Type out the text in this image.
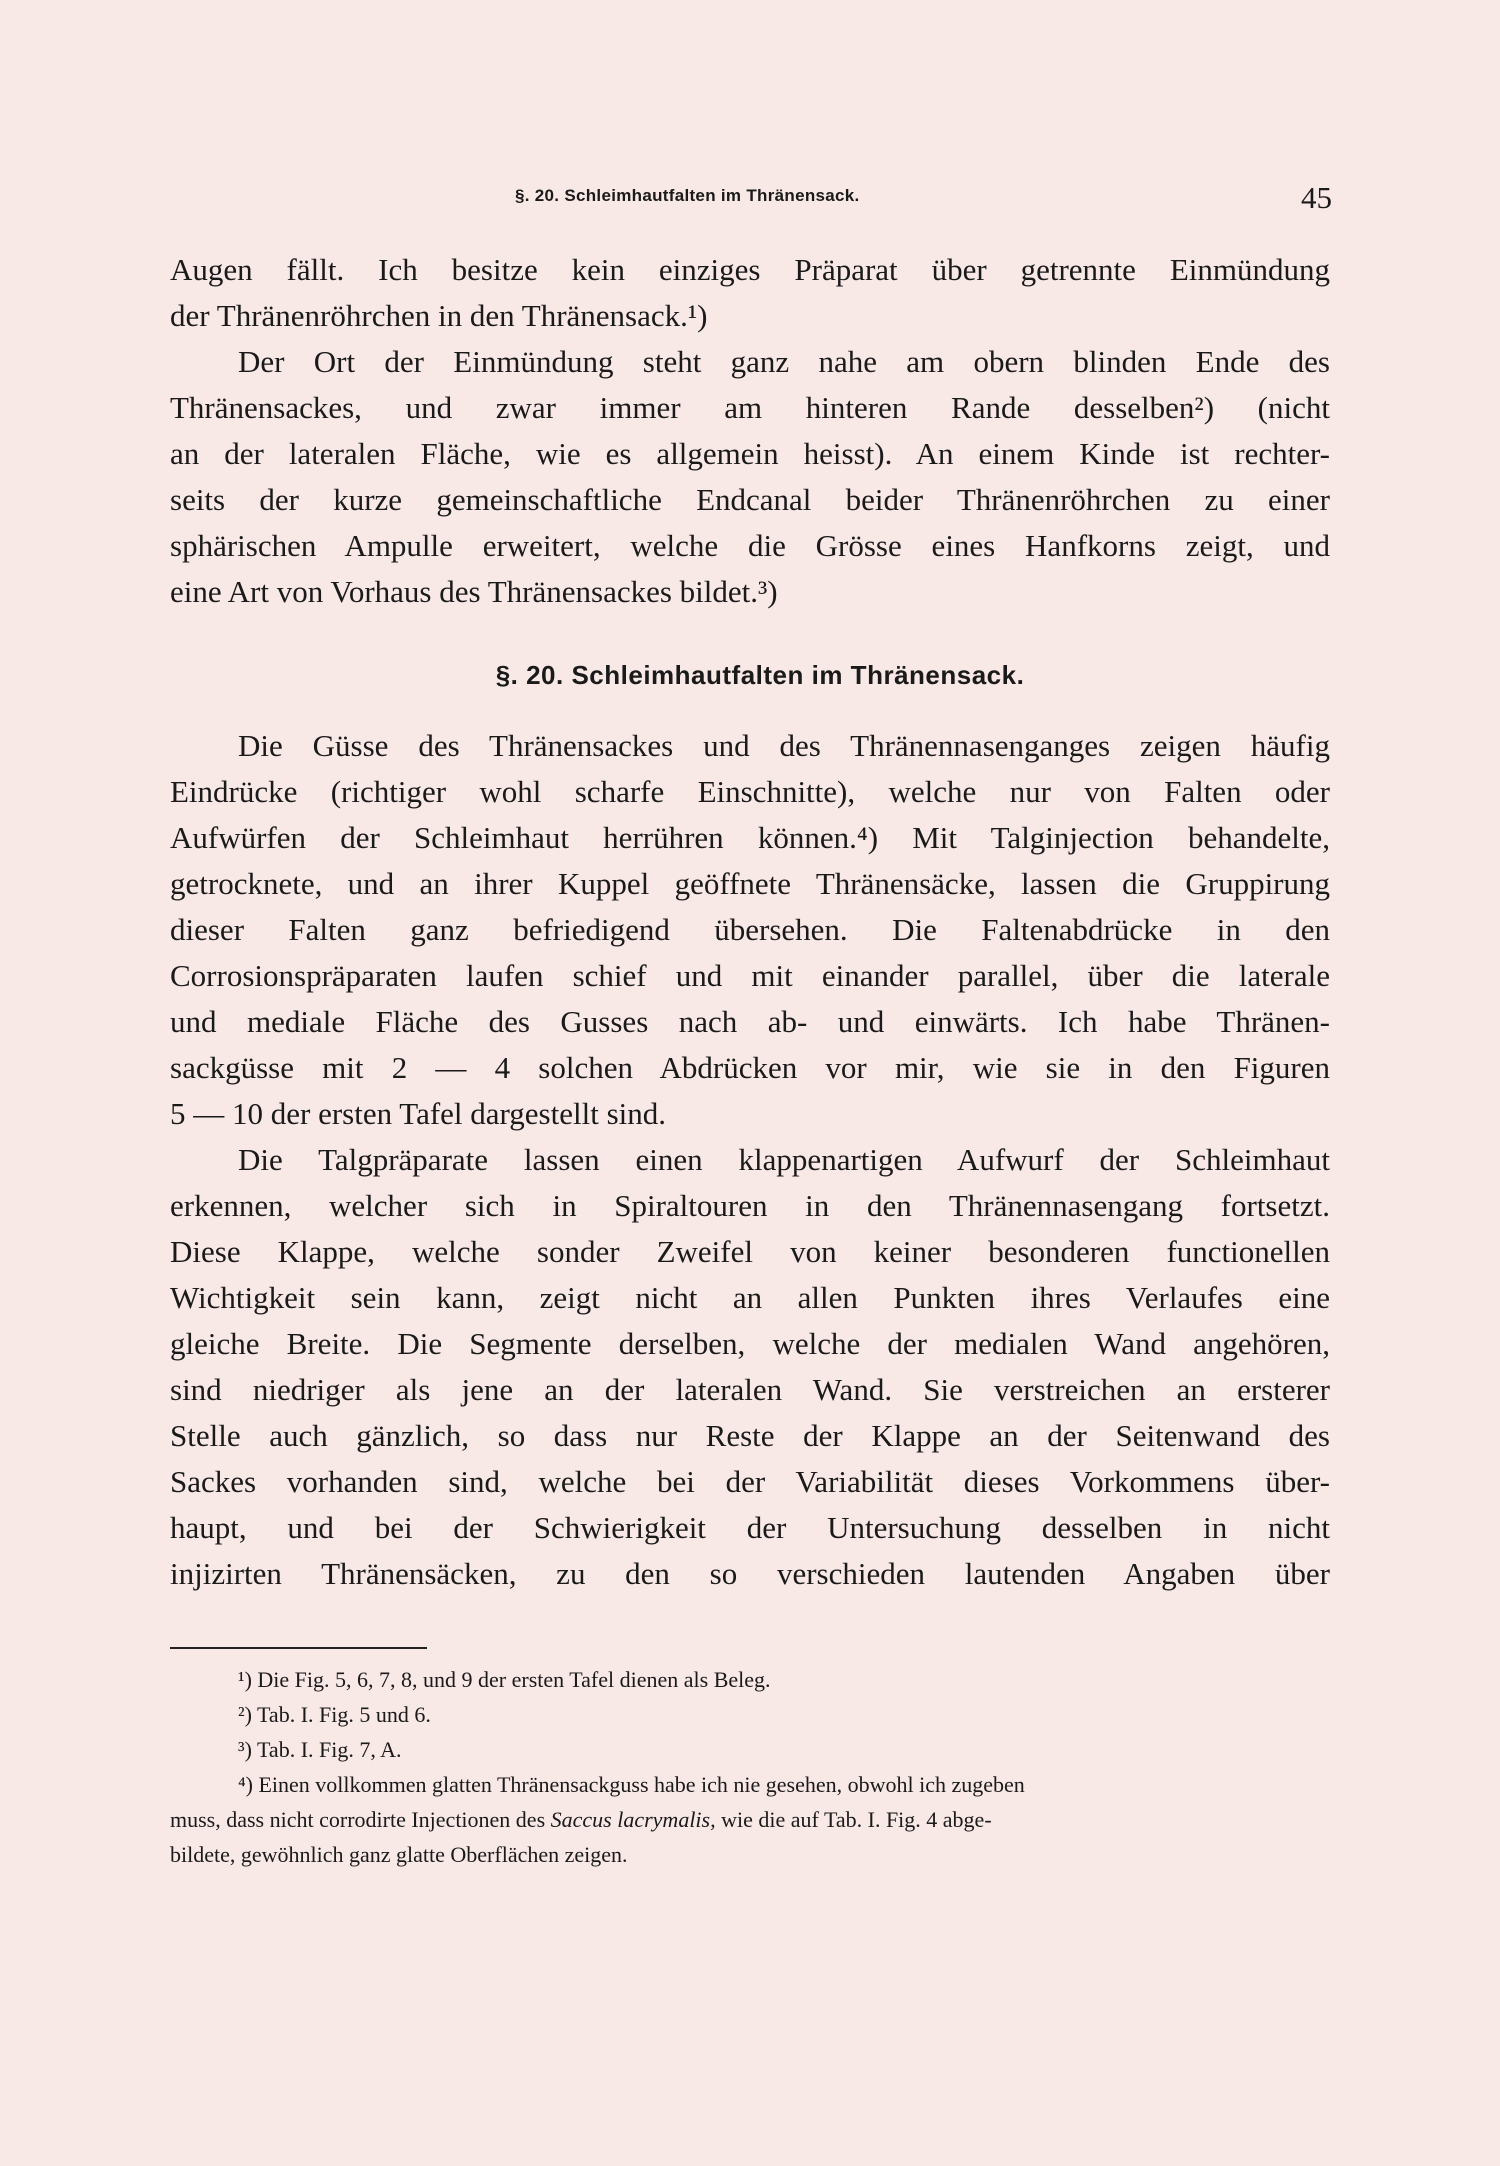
§. 20. Schleimhautfalten im Thränensack.	45
Augen fällt. Ich besitze kein einziges Präparat über getrennte Einmündung
der Thränenröhrchen in den Thränensack.¹)
Der Ort der Einmündung steht ganz nahe am obern blinden Ende des
Thränensackes, und zwar immer am hinteren Rande desselben²) (nicht
an der lateralen Fläche, wie es allgemein heisst). An einem Kinde ist rechter-
seits der kurze gemeinschaftliche Endcanal beider Thränenröhrchen zu einer
sphärischen Ampulle erweitert, welche die Grösse eines Hanfkorns zeigt, und
eine Art von Vorhaus des Thränensackes bildet.³)
§. 20. Schleimhautfalten im Thränensack.
Die Güsse des Thränensackes und des Thränennasenganges zeigen häufig
Eindrücke (richtiger wohl scharfe Einschnitte), welche nur von Falten oder
Aufwürfen der Schleimhaut herrühren können.⁴) Mit Talginjection behandelte,
getrocknete, und an ihrer Kuppel geöffnete Thränensäcke, lassen die Gruppirung
dieser Falten ganz befriedigend übersehen. Die Faltenabdrücke in den
Corrosionspräparaten laufen schief und mit einander parallel, über die laterale
und mediale Fläche des Gusses nach ab- und einwärts. Ich habe Thränen-
sackgüsse mit 2 — 4 solchen Abdrücken vor mir, wie sie in den Figuren
5 — 10 der ersten Tafel dargestellt sind.
Die Talgpräparate lassen einen klappenartigen Aufwurf der Schleimhaut
erkennen, welcher sich in Spiraltouren in den Thränennasengang fortsetzt.
Diese Klappe, welche sonder Zweifel von keiner besonderen functionellen
Wichtigkeit sein kann, zeigt nicht an allen Punkten ihres Verlaufes eine
gleiche Breite. Die Segmente derselben, welche der medialen Wand angehören,
sind niedriger als jene an der lateralen Wand. Sie verstreichen an ersterer
Stelle auch gänzlich, so dass nur Reste der Klappe an der Seitenwand des
Sackes vorhanden sind, welche bei der Variabilität dieses Vorkommens über-
haupt, und bei der Schwierigkeit der Untersuchung desselben in nicht
injizirten Thränensäcken, zu den so verschieden lautenden Angaben über
¹) Die Fig. 5, 6, 7, 8, und 9 der ersten Tafel dienen als Beleg.
²) Tab. I. Fig. 5 und 6.
³) Tab. I. Fig. 7, A.
⁴) Einen vollkommen glatten Thränensackguss habe ich nie gesehen, obwohl ich zugeben
muss, dass nicht corrodirte Injectionen des Saccus lacrymalis, wie die auf Tab. I. Fig. 4 abge-
bildete, gewöhnlich ganz glatte Oberflächen zeigen.
